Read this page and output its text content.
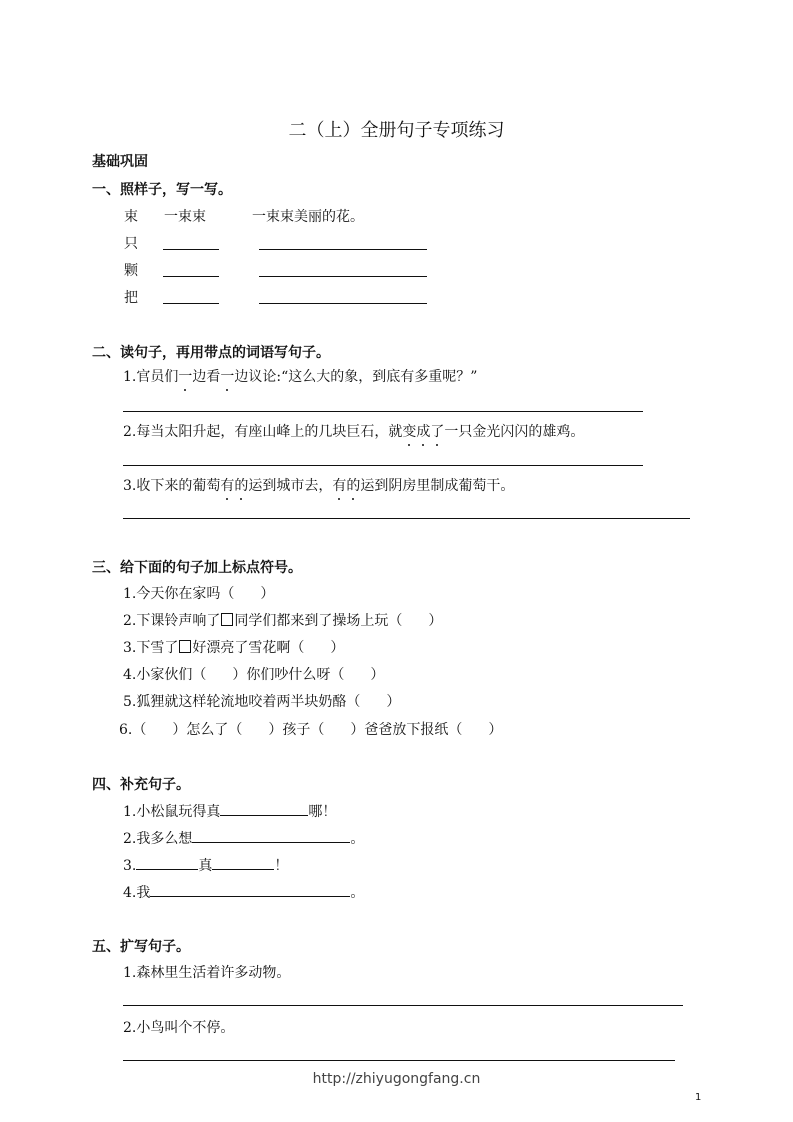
二（上）全册句子专项练习
基础巩固
一、照样子，写一写。
束 一束束	一束束美丽的花。
只
颗
把
二、读句子，再用带点的词语写句子。
1.官员们一边看一边议论:“这么大的象，到底有多重呢？”
2.每当太阳升起，有座山峰上的几块巨石，就变成了一只金光闪闪的雄鸡。
3.收下来的葡萄有的运到城市去，有的运到阴房里制成葡萄干。
三、给下面的句子加上标点符号。
1.今天你在家吗（ ）
2.下课铃声响了 同学们都来到了操场上玩（ ）
3.下雪了 好漂亮了雪花啊（ ）
4.小家伙们（ ）你们吵什么呀（ ）
5.狐狸就这样轮流地咬着两半块奶酪（ ）
6.（ ）怎么了（ ）孩子（ ）爸爸放下报纸（ ）
四、补充句子。
1.小松鼠玩得真	哪！
2.我多么想	。
3.	真	！
4.我	。
五、扩写句子。
1.森林里生活着许多动物。
2.小鸟叫个不停。
http://zhiyugongfang.cn
1
